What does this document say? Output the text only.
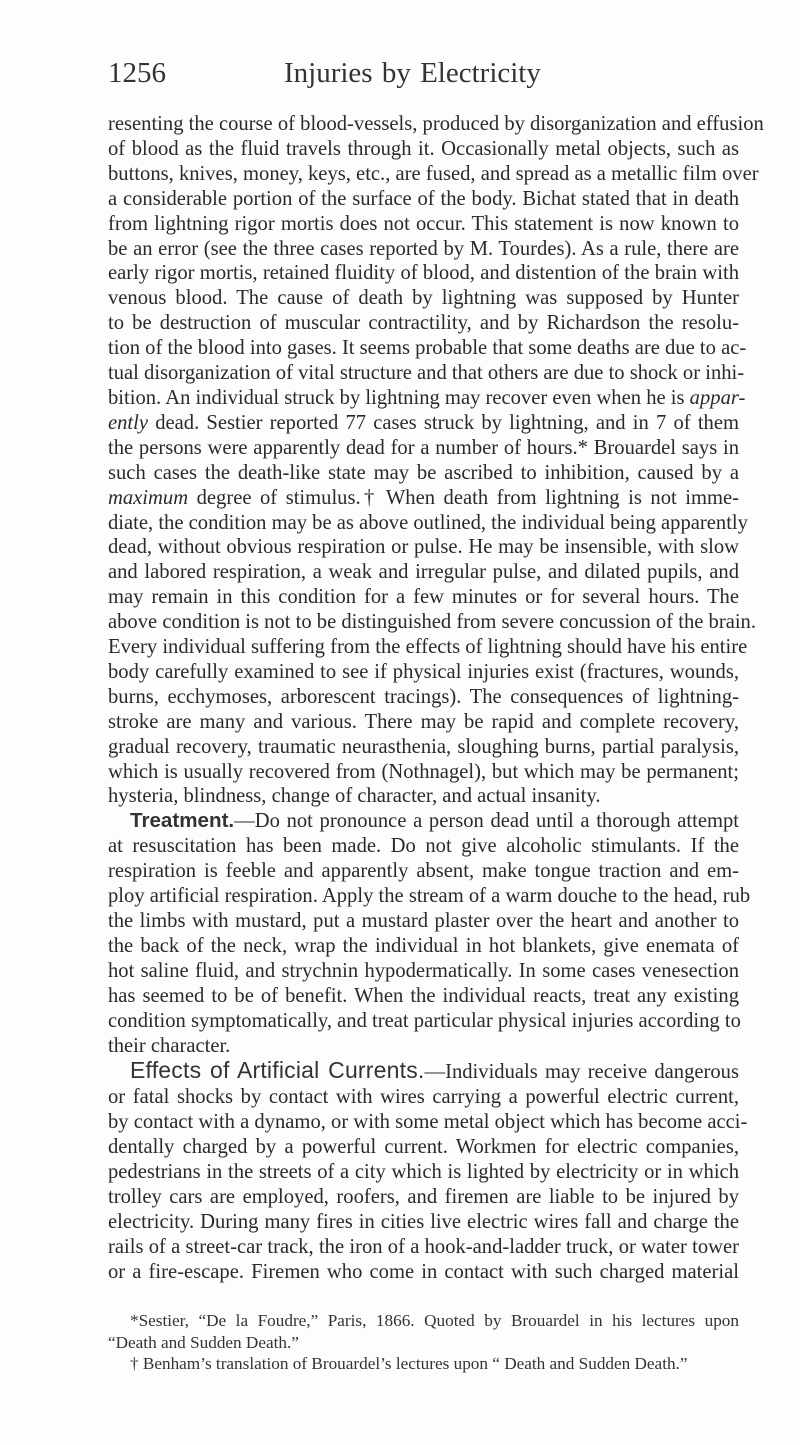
1256	Injuries by Electricity

resenting the course of blood-vessels, produced by disorganization and effusion
of blood as the fluid travels through it. Occasionally metal objects, such as
buttons, knives, money, keys, etc., are fused, and spread as a metallic film over
a considerable portion of the surface of the body. Bichat stated that in death
from lightning rigor mortis does not occur. This statement is now known to
be an error (see the three cases reported by M. Tourdes). As a rule, there are
early rigor mortis, retained fluidity of blood, and distention of the brain with
venous blood. The cause of death by lightning was supposed by Hunter
to be destruction of muscular contractility, and by Richardson the resolu-
tion of the blood into gases. It seems probable that some deaths are due to ac-
tual disorganization of vital structure and that others are due to shock or inhi-
bition. An individual struck by lightning may recover even when he is appar-
ently dead. Sestier reported 77 cases struck by lightning, and in 7 of them
the persons were apparently dead for a number of hours.* Brouardel says in
such cases the death-like state may be ascribed to inhibition, caused by a
maximum degree of stimulus.† When death from lightning is not imme-
diate, the condition may be as above outlined, the individual being apparently
dead, without obvious respiration or pulse. He may be insensible, with slow
and labored respiration, a weak and irregular pulse, and dilated pupils, and
may remain in this condition for a few minutes or for several hours. The
above condition is not to be distinguished from severe concussion of the brain.
Every individual suffering from the effects of lightning should have his entire
body carefully examined to see if physical injuries exist (fractures, wounds,
burns, ecchymoses, arborescent tracings). The consequences of lightning-
stroke are many and various. There may be rapid and complete recovery,
gradual recovery, traumatic neurasthenia, sloughing burns, partial paralysis,
which is usually recovered from (Nothnagel), but which may be permanent;
hysteria, blindness, change of character, and actual insanity.

Treatment.—Do not pronounce a person dead until a thorough attempt
at resuscitation has been made. Do not give alcoholic stimulants. If the
respiration is feeble and apparently absent, make tongue traction and em-
ploy artificial respiration. Apply the stream of a warm douche to the head, rub
the limbs with mustard, put a mustard plaster over the heart and another to
the back of the neck, wrap the individual in hot blankets, give enemata of
hot saline fluid, and strychnin hypodermatically. In some cases venesection
has seemed to be of benefit. When the individual reacts, treat any existing
condition symptomatically, and treat particular physical injuries according to
their character.

Effects of Artificial Currents.—Individuals may receive dangerous
or fatal shocks by contact with wires carrying a powerful electric current,
by contact with a dynamo, or with some metal object which has become acci-
dentally charged by a powerful current. Workmen for electric companies,
pedestrians in the streets of a city which is lighted by electricity or in which
trolley cars are employed, roofers, and firemen are liable to be injured by
electricity. During many fires in cities live electric wires fall and charge the
rails of a street-car track, the iron of a hook-and-ladder truck, or water tower
or a fire-escape. Firemen who come in contact with such charged material

*Sestier, “De la Foudre,” Paris, 1866. Quoted by Brouardel in his lectures upon
“Death and Sudden Death.”
† Benham’s translation of Brouardel’s lectures upon “ Death and Sudden Death.”
